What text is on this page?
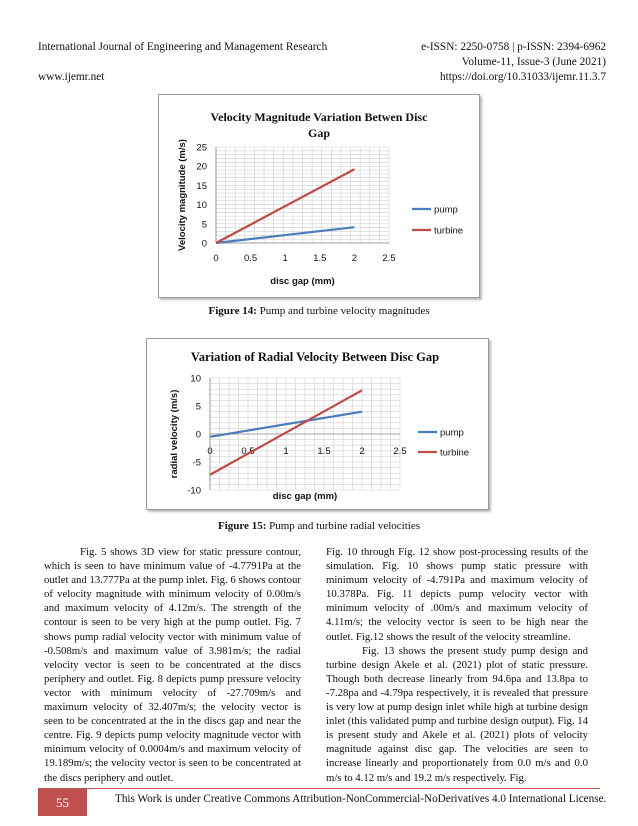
International Journal of Engineering and Management Research	e-ISSN: 2250-0758 | p-ISSN: 2394-6962
Volume-11, Issue-3 (June 2021)
www.ijemr.net	https://doi.org/10.31033/ijemr.11.3.7
Velocity Magnitude Variation Betwen Disc
Gap
0	0.5	1	1.5	2	2.5
0
5
10
15
20
25
disc gap (mm)
Velocity magnitude (m/s)	pump
turbine
Figure 14: Pump and turbine velocity magnitudes
Variation of Radial Velocity Between Disc Gap
0	0.5	1	1.5	2	2.5
-10
-5
0
5
10
disc gap (mm)
radial velocity (m/s)	pump
turbine
Figure 15: Pump and turbine radial velocities

Fig. 5 shows 3D view for static pressure contour, which is seen to have minimum value of -4.7791Pa at the outlet and 13.777Pa at the pump inlet. Fig. 6 shows contour of velocity magnitude with minimum velocity of 0.00m/s and maximum velocity of 4.12m/s. The strength of the contour is seen to be very high at the pump outlet. Fig. 7 shows pump radial velocity vector with minimum value of -0.508m/s and maximum value of 3.981m/s; the radial velocity vector is seen to be concentrated at the discs periphery and outlet. Fig. 8 depicts pump pressure velocity vector with minimum velocity of -27.709m/s and maximum velocity of 32.407m/s; the velocity vector is seen to be concentrated at the in the discs gap and near the centre. Fig. 9 depicts pump velocity magnitude vector with minimum velocity of 0.0004m/s and maximum velocity of 19.189m/s; the velocity vector is seen to be concentrated at the discs periphery and outlet.

Fig. 10 through Fig. 12 show post-processing results of the simulation. Fig. 10 shows pump static pressure with minimum velocity of -4.791Pa and maximum velocity of 10.378Pa. Fig. 11 depicts pump velocity vector with minimum velocity of .00m/s and maximum velocity of 4.11m/s; the velocity vector is seen to be high near the outlet. Fig.12 shows the result of the velocity streamline.

Fig. 13 shows the present study pump design and turbine design Akele et al. (2021) plot of static pressure. Though both decrease linearly from 94.6pa and 13.8pa to -7.28pa and -4.79pa respectively, it is revealed that pressure is very low at pump design inlet while high at turbine design inlet (this validated pump and turbine design output). Fig. 14 is present study and Akele et al. (2021) plots of velocity magnitude against disc gap. The velocities are seen to increase linearly and proportionately from 0.0 m/s and 0.0 m/s to 4.12 m/s and 19.2 m/s respectively. Fig.

55	This Work is under Creative Commons Attribution-NonCommercial-NoDerivatives 4.0 International License.
